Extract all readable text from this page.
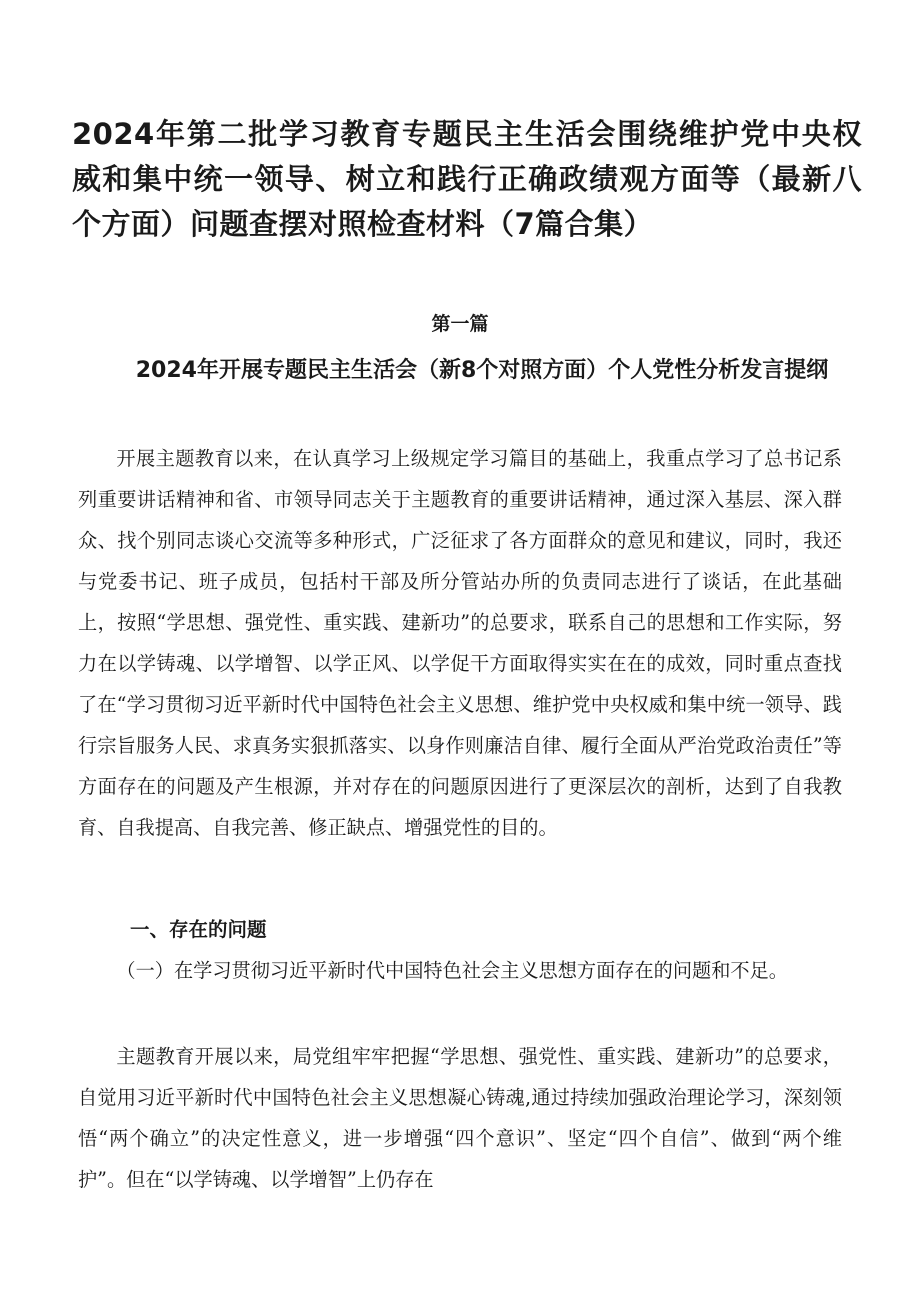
2024年第二批学习教育专题民主生活会围绕维护党中央权威和集中统一领导、树立和践行正确政绩观方面等（最新八个方面）问题查摆对照检查材料（7篇合集）
第一篇
2024年开展专题民主生活会（新8个对照方面）个人党性分析发言提纲

开展主题教育以来，在认真学习上级规定学习篇目的基础上，我重点学习了总书记系列重要讲话精神和省、市领导同志关于主题教育的重要讲话精神，通过深入基层、深入群众、找个别同志谈心交流等多种形式，广泛征求了各方面群众的意见和建议，同时，我还与党委书记、班子成员，包括村干部及所分管站办所的负责同志进行了谈话，在此基础上，按照“学思想、强党性、重实践、建新功”的总要求，联系自己的思想和工作实际，努力在以学铸魂、以学增智、以学正风、以学促干方面取得实实在在的成效，同时重点查找了在“学习贯彻习近平新时代中国特色社会主义思想、维护党中央权威和集中统一领导、践行宗旨服务人民、求真务实狠抓落实、以身作则廉洁自律、履行全面从严治党政治责任”等方面存在的问题及产生根源，并对存在的问题原因进行了更深层次的剖析，达到了自我教育、自我提高、自我完善、修正缺点、增强党性的目的。

一、存在的问题

（一）在学习贯彻习近平新时代中国特色社会主义思想方面存在的问题和不足。

主题教育开展以来，局党组牢牢把握“学思想、强党性、重实践、建新功”的总要求，自觉用习近平新时代中国特色社会主义思想凝心铸魂,通过持续加强政治理论学习，深刻领悟“两个确立”的决定性意义，进一步增强“四个意识”、坚定“四个自信”、做到“两个维护”。但在“以学铸魂、以学增智”上仍存在
